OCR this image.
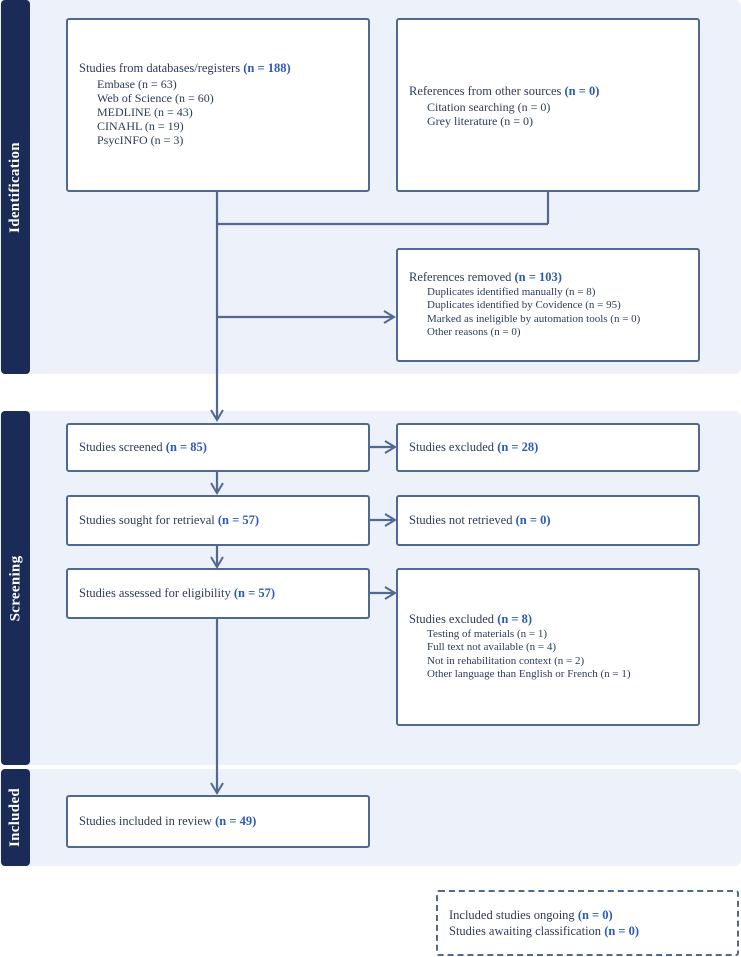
Identification
Screening
Included
Studies from databases/registers (n = 188)
Embase (n = 63)
Web of Science (n = 60)
MEDLINE (n = 43)
CINAHL (n = 19)
PsycINFO (n = 3)
References from other sources (n = 0)
Citation searching (n = 0)
Grey literature (n = 0)
References removed (n = 103)
Duplicates identified manually (n = 8)
Duplicates identified by Covidence (n = 95)
Marked as ineligible by automation tools (n = 0)
Other reasons (n = 0)
Studies screened (n = 85)	Studies excluded (n = 28)
Studies sought for retrieval (n = 57)	Studies not retrieved (n = 0)
Studies assessed for eligibility (n = 57)
Studies excluded (n = 8)
Testing of materials (n = 1)
Full text not available (n = 4)
Not in rehabilitation context (n = 2)
Other language than English or French (n = 1)
Studies included in review (n = 49)
Included studies ongoing (n = 0)
Studies awaiting classification (n = 0)
